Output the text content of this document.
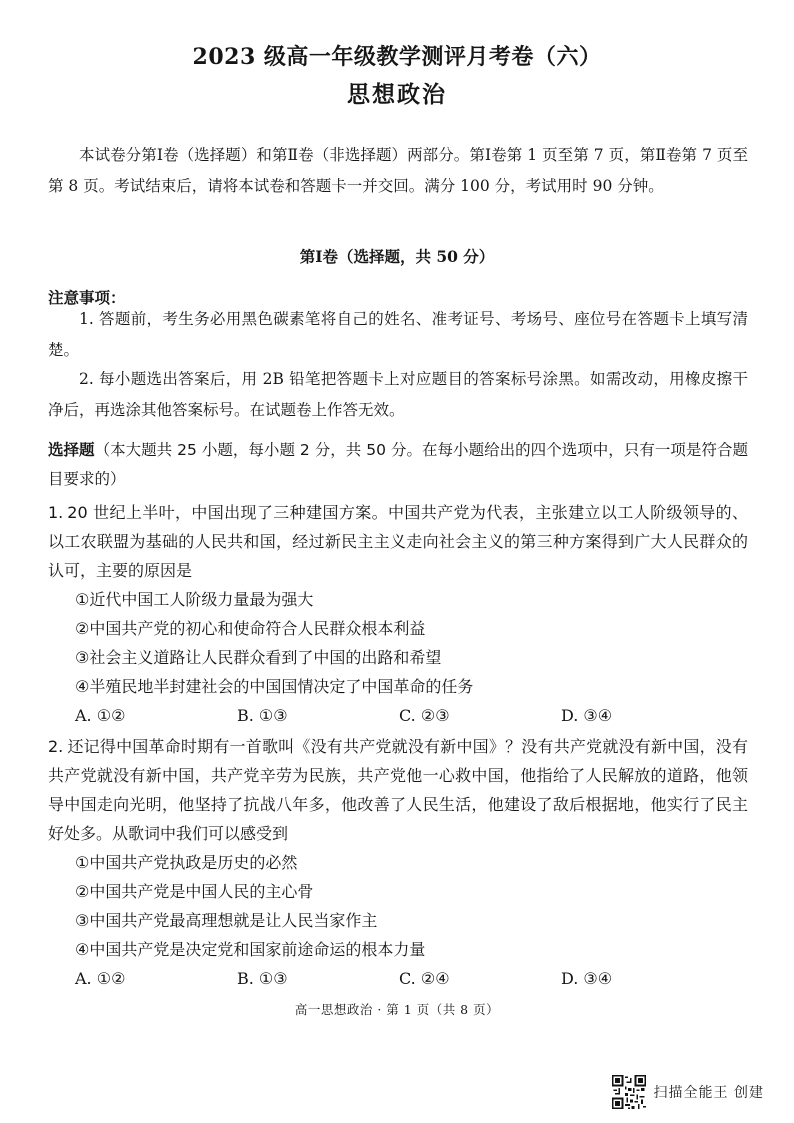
2023 级高一年级教学测评月考卷（六）
思想政治
本试卷分第Ⅰ卷（选择题）和第Ⅱ卷（非选择题）两部分。第Ⅰ卷第 1 页至第 7 页，第Ⅱ卷第 7 页至第 8 页。考试结束后，请将本试卷和答题卡一并交回。满分 100 分，考试用时 90 分钟。
第Ⅰ卷（选择题，共 50 分）
注意事项：
1. 答题前，考生务必用黑色碳素笔将自己的姓名、准考证号、考场号、座位号在答题卡上填写清楚。
2. 每小题选出答案后，用 2B 铅笔把答题卡上对应题目的答案标号涂黑。如需改动，用橡皮擦干净后，再选涂其他答案标号。在试题卷上作答无效。
选择题（本大题共 25 小题，每小题 2 分，共 50 分。在每小题给出的四个选项中，只有一项是符合题目要求的）
1. 20 世纪上半叶，中国出现了三种建国方案。中国共产党为代表，主张建立以工人阶级领导的、以工农联盟为基础的人民共和国，经过新民主主义走向社会主义的第三种方案得到广大人民群众的认可，主要的原因是
①近代中国工人阶级力量最为强大
②中国共产党的初心和使命符合人民群众根本利益
③社会主义道路让人民群众看到了中国的出路和希望
④半殖民地半封建社会的中国国情决定了中国革命的任务
A. ①②	B. ①③	C. ②③	D. ③④
2. 还记得中国革命时期有一首歌叫《没有共产党就没有新中国》？没有共产党就没有新中国，没有共产党就没有新中国，共产党辛劳为民族，共产党他一心救中国，他指给了人民解放的道路，他领导中国走向光明，他坚持了抗战八年多，他改善了人民生活，他建设了敌后根据地，他实行了民主好处多。从歌词中我们可以感受到
①中国共产党执政是历史的必然
②中国共产党是中国人民的主心骨
③中国共产党最高理想就是让人民当家作主
④中国共产党是决定党和国家前途命运的根本力量
A. ①②	B. ①③	C. ②④	D. ③④
高一思想政治 · 第 1 页（共 8 页）
扫描全能王 创建
